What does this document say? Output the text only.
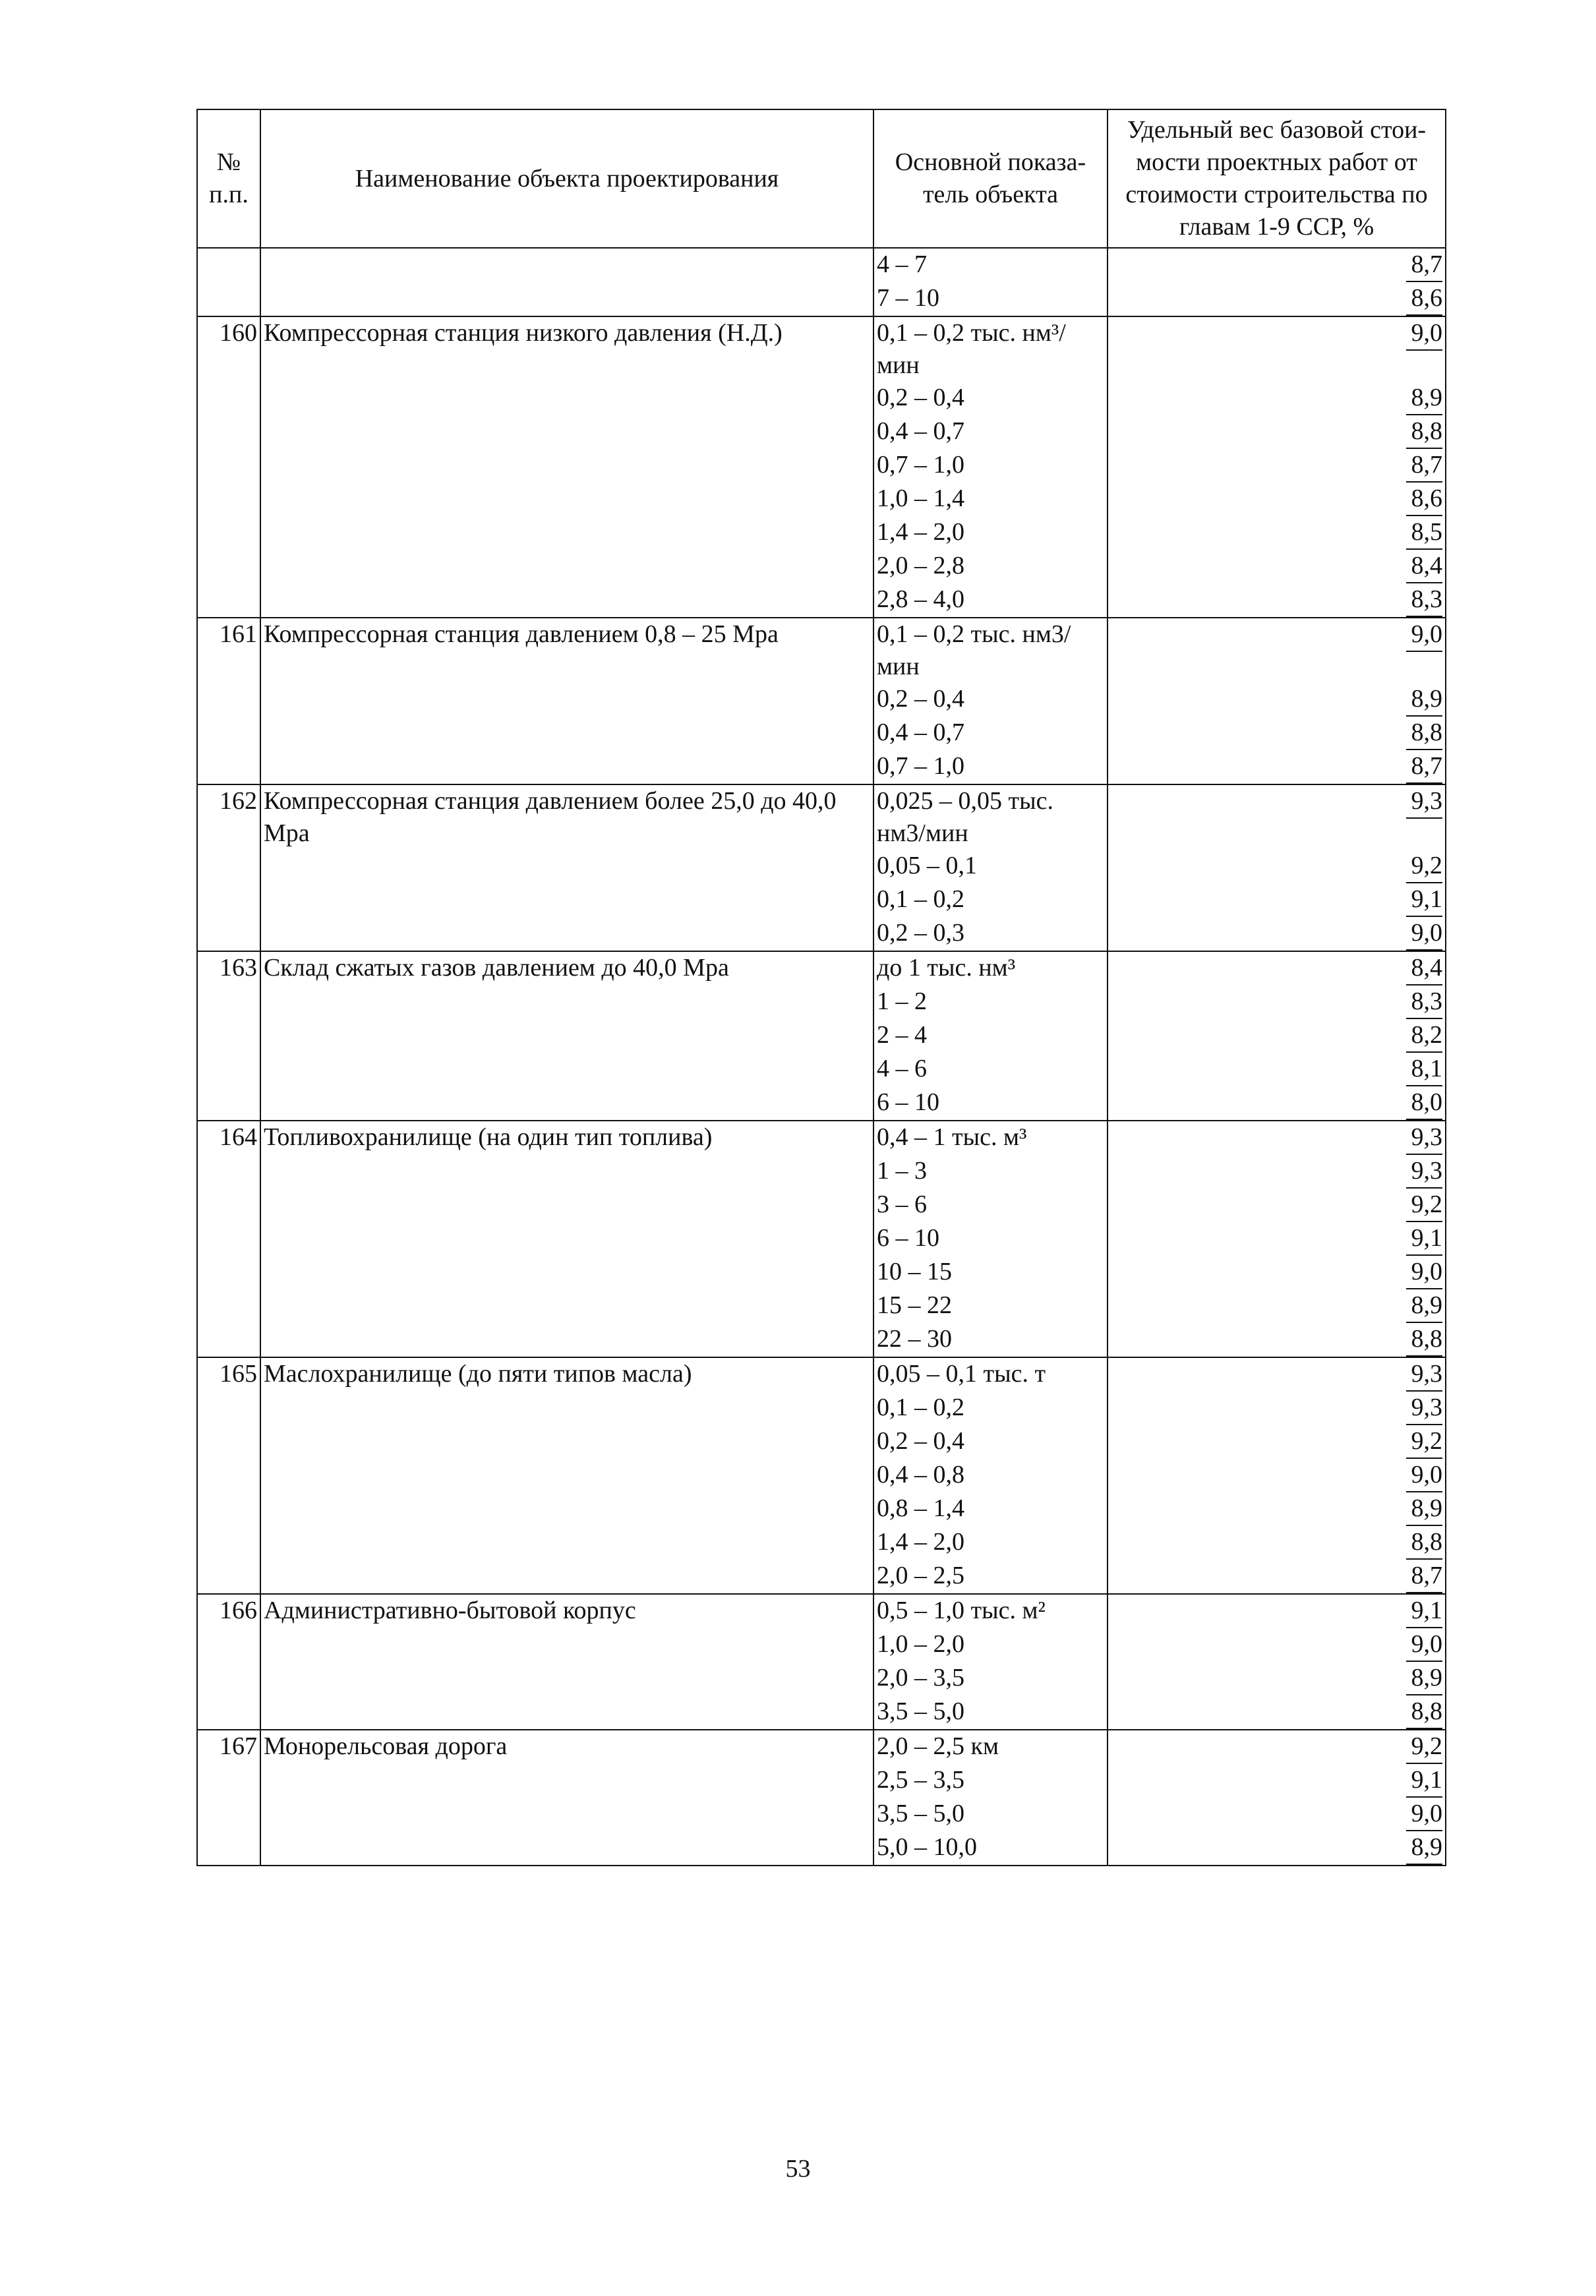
№ п.п.	Наименование объекта проектирования	Основной показа-тель объекта	Удельный вес базовой стои-мости проектных работ от стоимости строительства по главам 1-9 ССР, %
		4 – 7	8,7
		7 – 10	8,6
160	Компрессорная станция низкого давления (Н.Д.)	0,1 – 0,2 тыс. нм³/мин	9,0
		0,2 – 0,4	8,9
		0,4 – 0,7	8,8
		0,7 – 1,0	8,7
		1,0 – 1,4	8,6
		1,4 – 2,0	8,5
		2,0 – 2,8	8,4
		2,8 – 4,0	8,3
161	Компрессорная станция давлением 0,8 – 25 Мра	0,1 – 0,2 тыс. нм3/мин	9,0
		0,2 – 0,4	8,9
		0,4 – 0,7	8,8
		0,7 – 1,0	8,7
162	Компрессорная станция давлением более 25,0 до 40,0 Мра	0,025 – 0,05 тыс. нм3/мин	9,3
		0,05 – 0,1	9,2
		0,1 – 0,2	9,1
		0,2 – 0,3	9,0
163	Склад сжатых газов давлением до 40,0 Мра	до 1 тыс. нм³	8,4
		1 – 2	8,3
		2 – 4	8,2
		4 – 6	8,1
		6 – 10	8,0
164	Топливохранилище (на один тип топлива)	0,4 – 1 тыс. м³	9,3
		1 – 3	9,3
		3 – 6	9,2
		6 – 10	9,1
		10 – 15	9,0
		15 – 22	8,9
		22 – 30	8,8
165	Маслохранилище (до пяти типов масла)	0,05 – 0,1 тыс. т	9,3
		0,1 – 0,2	9,3
		0,2 – 0,4	9,2
		0,4 – 0,8	9,0
		0,8 – 1,4	8,9
		1,4 – 2,0	8,8
		2,0 – 2,5	8,7
166	Административно-бытовой корпус	0,5 – 1,0 тыс. м²	9,1
		1,0 – 2,0	9,0
		2,0 – 3,5	8,9
		3,5 – 5,0	8,8
167	Монорельсовая дорога	2,0 – 2,5 км	9,2
		2,5 – 3,5	9,1
		3,5 – 5,0	9,0
		5,0 – 10,0	8,9
53
